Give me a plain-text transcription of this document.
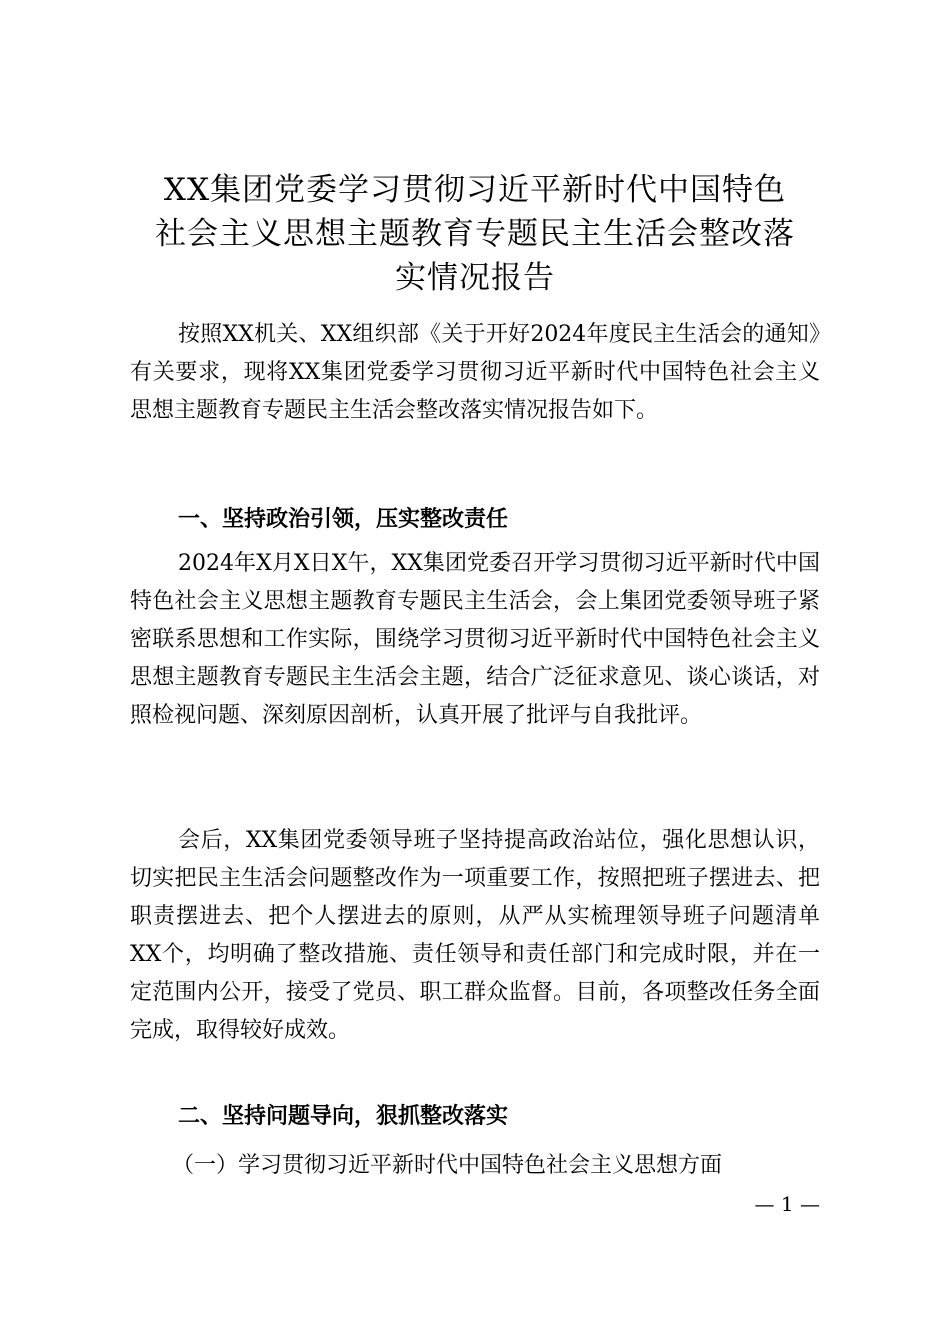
XX集团党委学习贯彻习近平新时代中国特色
社会主义思想主题教育专题民主生活会整改落
实情况报告

按照XX机关、XX组织部《关于开好2024年度民主生活会的通知》有关要求，现将XX集团党委学习贯彻习近平新时代中国特色社会主义思想主题教育专题民主生活会整改落实情况报告如下。

一、坚持政治引领，压实整改责任

2024年X月X日X午，XX集团党委召开学习贯彻习近平新时代中国特色社会主义思想主题教育专题民主生活会，会上集团党委领导班子紧密联系思想和工作实际，围绕学习贯彻习近平新时代中国特色社会主义思想主题教育专题民主生活会主题，结合广泛征求意见、谈心谈话，对照检视问题、深刻原因剖析，认真开展了批评与自我批评。

会后，XX集团党委领导班子坚持提高政治站位，强化思想认识，切实把民主生活会问题整改作为一项重要工作，按照把班子摆进去、把职责摆进去、把个人摆进去的原则，从严从实梳理领导班子问题清单XX个，均明确了整改措施、责任领导和责任部门和完成时限，并在一定范围内公开，接受了党员、职工群众监督。目前，各项整改任务全面完成，取得较好成效。

二、坚持问题导向，狠抓整改落实

（一）学习贯彻习近平新时代中国特色社会主义思想方面

— 1 —
